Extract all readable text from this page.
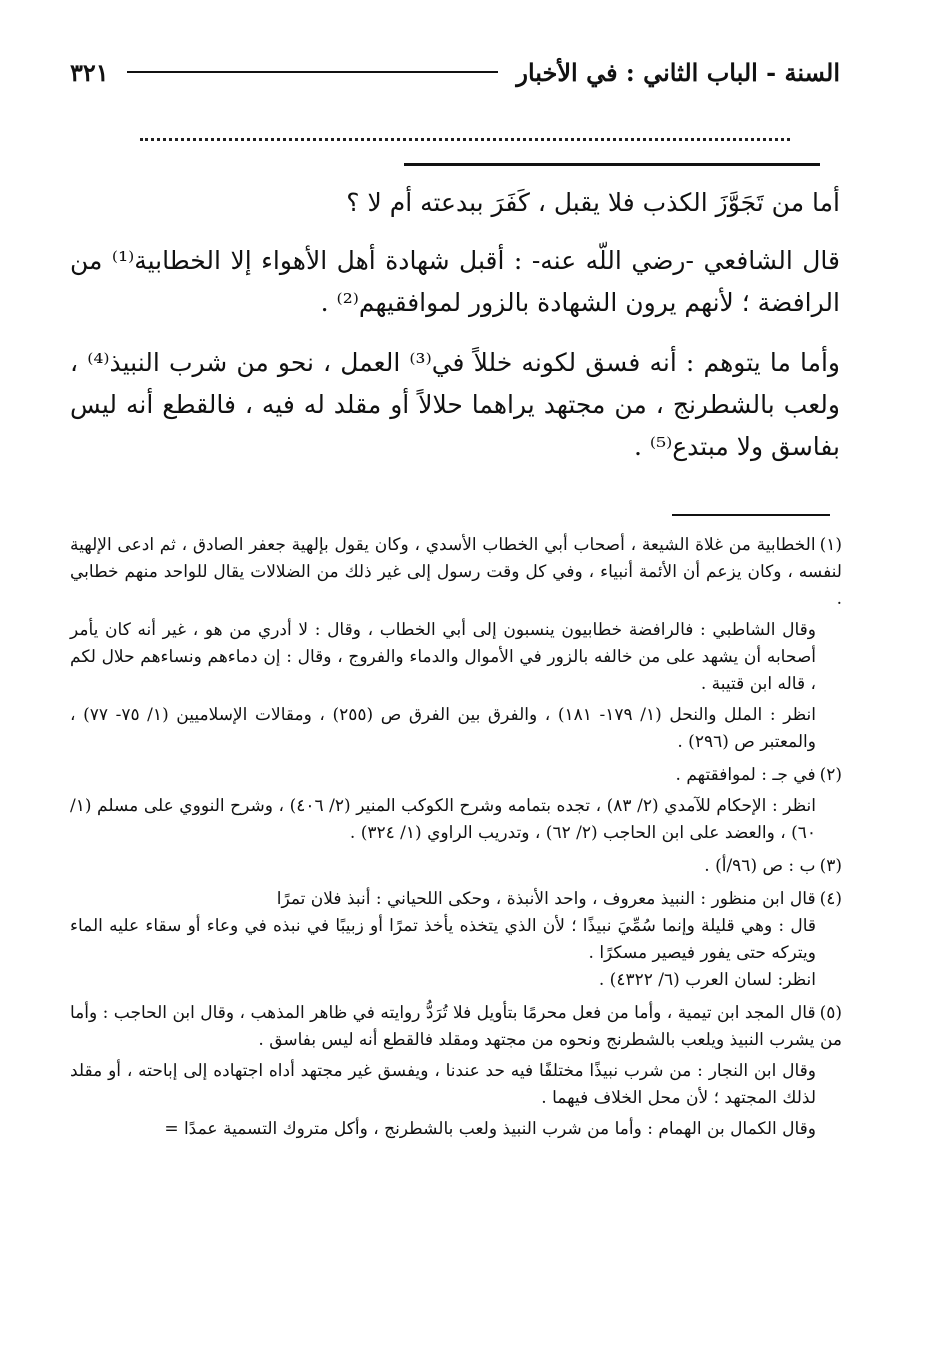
السنة - الباب الثاني : في الأخبار
٣٢١

أما من تَجَوَّزَ الكذب فلا يقبل ، كَفَرَ ببدعته أم لا ؟

قال الشافعي -رضي اللّه عنه- : أقبل شهادة أهل الأهواء إلا الخطابية⁽¹⁾ من الرافضة ؛ لأنهم يرون الشهادة بالزور لموافقيهم⁽²⁾ .

وأما ما يتوهم : أنه فسق لكونه خللاً في⁽³⁾ العمل ، نحو من شرب النبيذ⁽⁴⁾ ، ولعب بالشطرنج ، من مجتهد يراهما حلالاً أو مقلد له فيه ، فالقطع أنه ليس بفاسق ولا مبتدع⁽⁵⁾ .

(١)الخطابية من غلاة الشيعة ، أصحاب أبي الخطاب الأسدي ، وكان يقول بإلهية جعفر الصادق ، ثم ادعى الإلهية لنفسه ، وكان يزعم أن الأئمة أنبياء ، وفي كل وقت رسول إلى غير ذلك من الضلالات يقال للواحد منهم خطابي .

وقال الشاطبي : فالرافضة خطابيون ينسبون إلى أبي الخطاب ، وقال : لا أدري من هو ، غير أنه كان يأمر أصحابه أن يشهد على من خالفه بالزور في الأموال والدماء والفروج ، وقال : إن دماءهم ونساءهم حلال لكم ، قاله ابن قتيبة .

انظر : الملل والنحل (١/ ١٧٩- ١٨١) ، والفرق بين الفرق ص (٢٥٥) ، ومقالات الإسلاميين (١/ ٧٥- ٧٧) ، والمعتبر ص (٢٩٦) .

(٢)في جـ : لموافقتهم .

انظر : الإحكام للآمدي (٢/ ٨٣) ، تجده بتمامه وشرح الكوكب المنير (٢/ ٤٠٦) ، وشرح النووي على مسلم (١/ ٦٠) ، والعضد على ابن الحاجب (٢/ ٦٢) ، وتدريب الراوي (١/ ٣٢٤) .

(٣)ب : ص (٩٦/أ) .

(٤)قال ابن منظور : النبيذ معروف ، واحد الأنبذة ، وحكى اللحياني : أنبذ فلان تمرًا

قال : وهي قليلة وإنما سُمِّيَ نبيذًا ؛ لأن الذي يتخذه يأخذ تمرًا أو زبيبًا في نبذه في وعاء أو سقاء عليه الماء ويتركه حتى يفور فيصير مسكرًا .

انظر: لسان العرب (٦/ ٤٣٢٢) .

(٥)قال المجد ابن تيمية ، وأما من فعل محرمًا بتأويل فلا تُرَدُّ روايته في ظاهر المذهب ، وقال ابن الحاجب : وأما من يشرب النبيذ ويلعب بالشطرنج ونحوه من مجتهد ومقلد فالقطع أنه ليس بفاسق .

وقال ابن النجار : من شرب نبيذًا مختلفًا فيه حد عندنا ، ويفسق غير مجتهد أداه اجتهاده إلى إباحته ، أو مقلد لذلك المجتهد ؛ لأن محل الخلاف فيهما .

وقال الكمال بن الهمام : وأما من شرب النبيذ ولعب بالشطرنج ، وأكل متروك التسمية عمدًا =
